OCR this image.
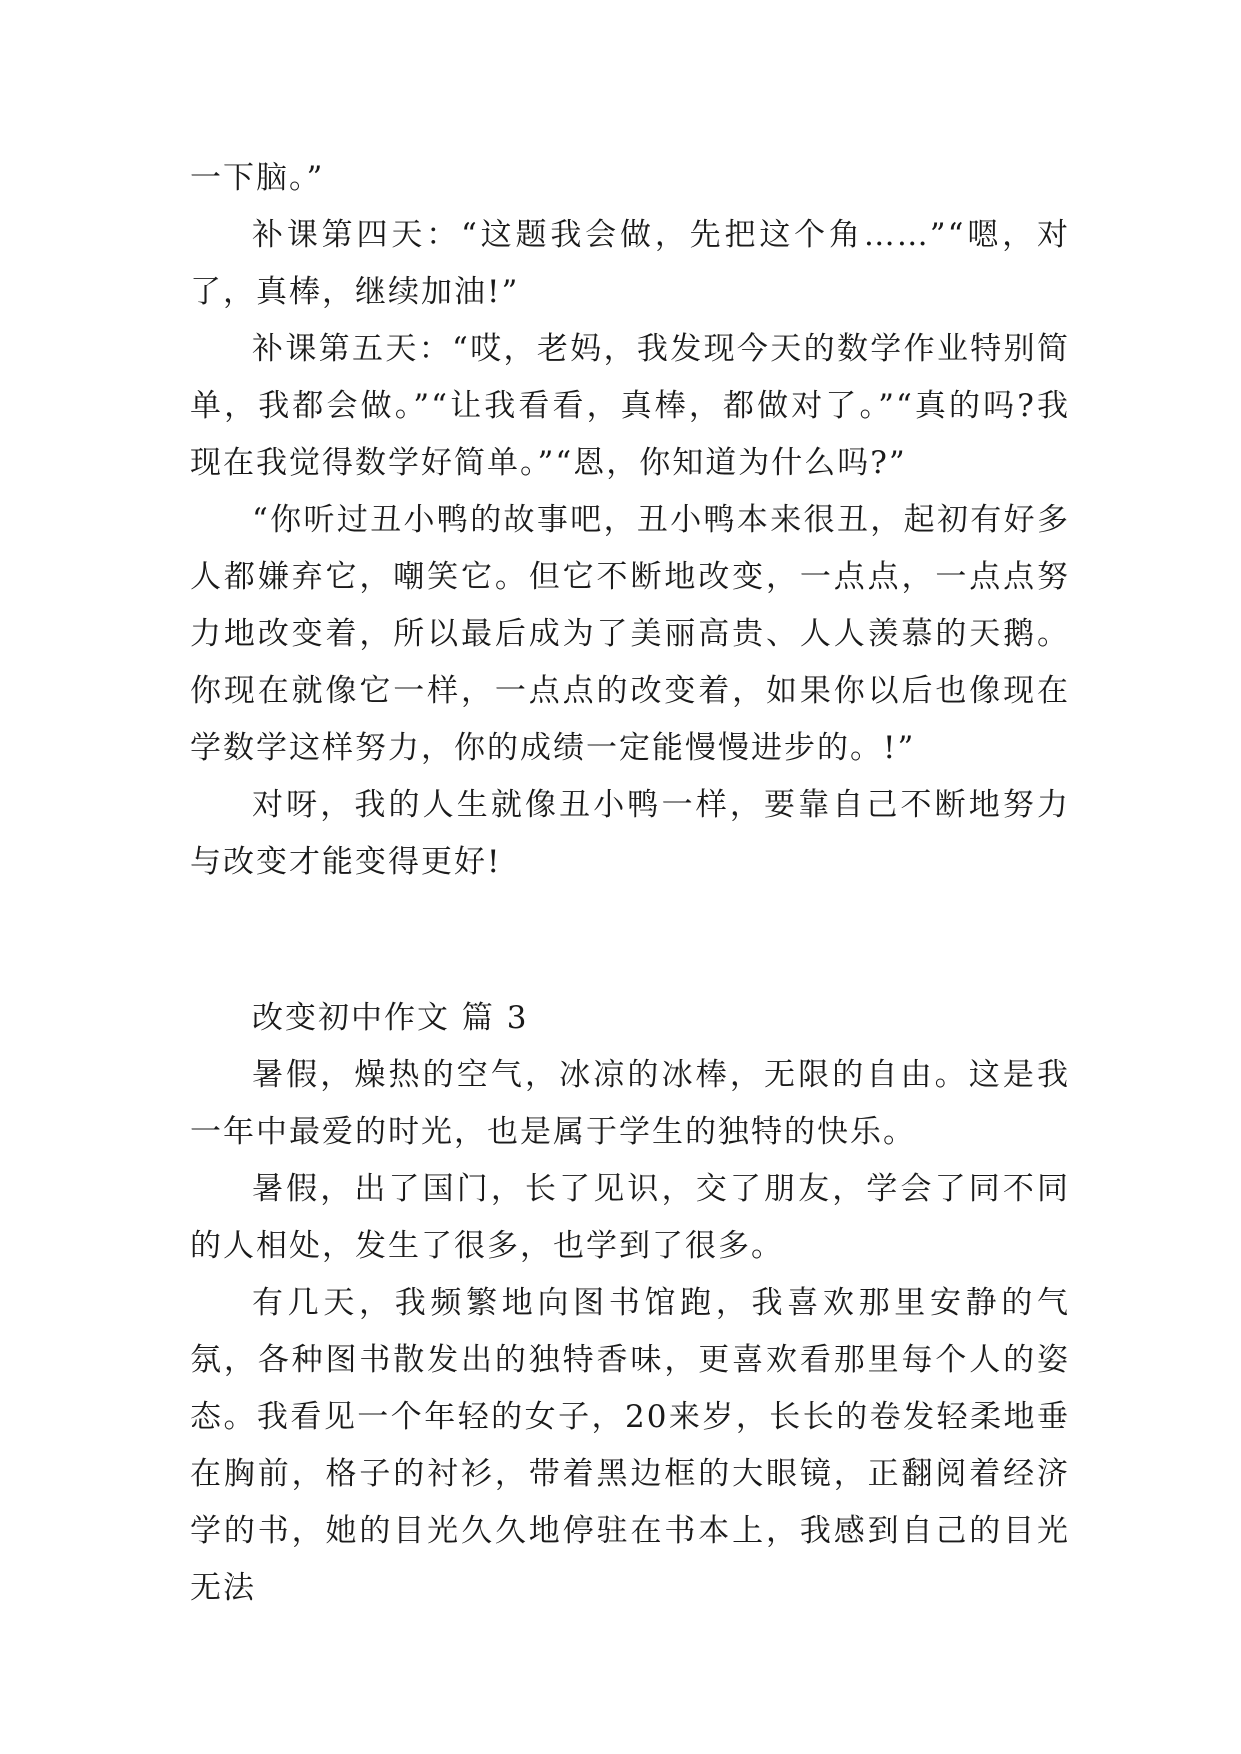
一下脑。”

补课第四天：“这题我会做，先把这个角……”“嗯，对了，真棒，继续加油!”

补课第五天：“哎，老妈，我发现今天的数学作业特别简单，我都会做。”“让我看看，真棒，都做对了。”“真的吗?我现在我觉得数学好简单。”“恩，你知道为什么吗?”

“你听过丑小鸭的故事吧，丑小鸭本来很丑，起初有好多人都嫌弃它，嘲笑它。但它不断地改变，一点点，一点点努力地改变着，所以最后成为了美丽高贵、人人羡慕的天鹅。你现在就像它一样，一点点的改变着，如果你以后也像现在学数学这样努力，你的成绩一定能慢慢进步的。!”

对呀，我的人生就像丑小鸭一样，要靠自己不断地努力与改变才能变得更好!

改变初中作文 篇 3

暑假，燥热的空气，冰凉的冰棒，无限的自由。这是我一年中最爱的时光，也是属于学生的独特的快乐。

暑假，出了国门，长了见识，交了朋友，学会了同不同的人相处，发生了很多，也学到了很多。

有几天，我频繁地向图书馆跑，我喜欢那里安静的气氛，各种图书散发出的独特香味，更喜欢看那里每个人的姿态。我看见一个年轻的女子，20来岁，长长的卷发轻柔地垂在胸前，格子的衬衫，带着黑边框的大眼镜，正翻阅着经济学的书，她的目光久久地停驻在书本上，我感到自己的目光无法
